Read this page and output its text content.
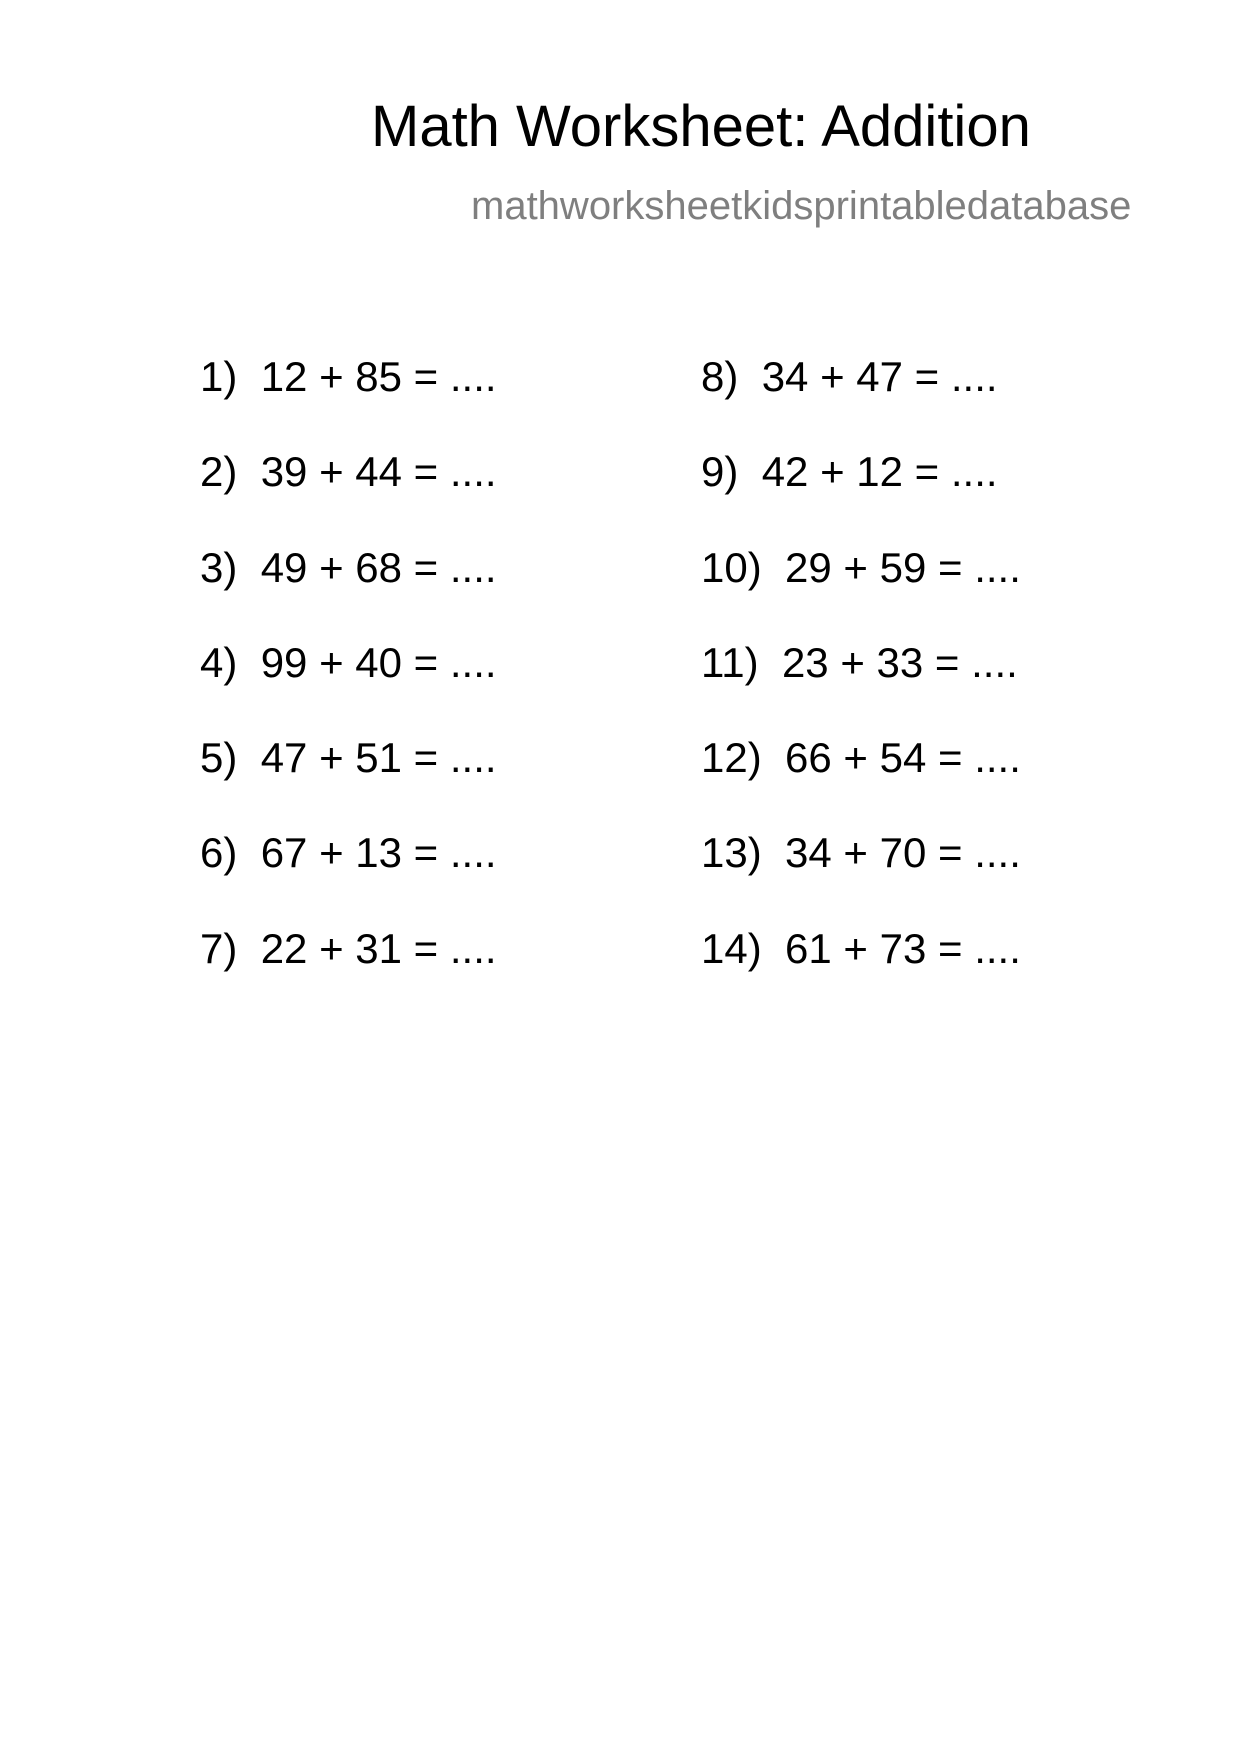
Math Worksheet: Addition
mathworksheetkidsprintabledatabase
1) 12 + 85 = ....
2) 39 + 44 = ....
3) 49 + 68 = ....
4) 99 + 40 = ....
5) 47 + 51 = ....
6) 67 + 13 = ....
7) 22 + 31 = ....
8) 34 + 47 = ....
9) 42 + 12 = ....
10) 29 + 59 = ....
11) 23 + 33 = ....
12) 66 + 54 = ....
13) 34 + 70 = ....
14) 61 + 73 = ....
